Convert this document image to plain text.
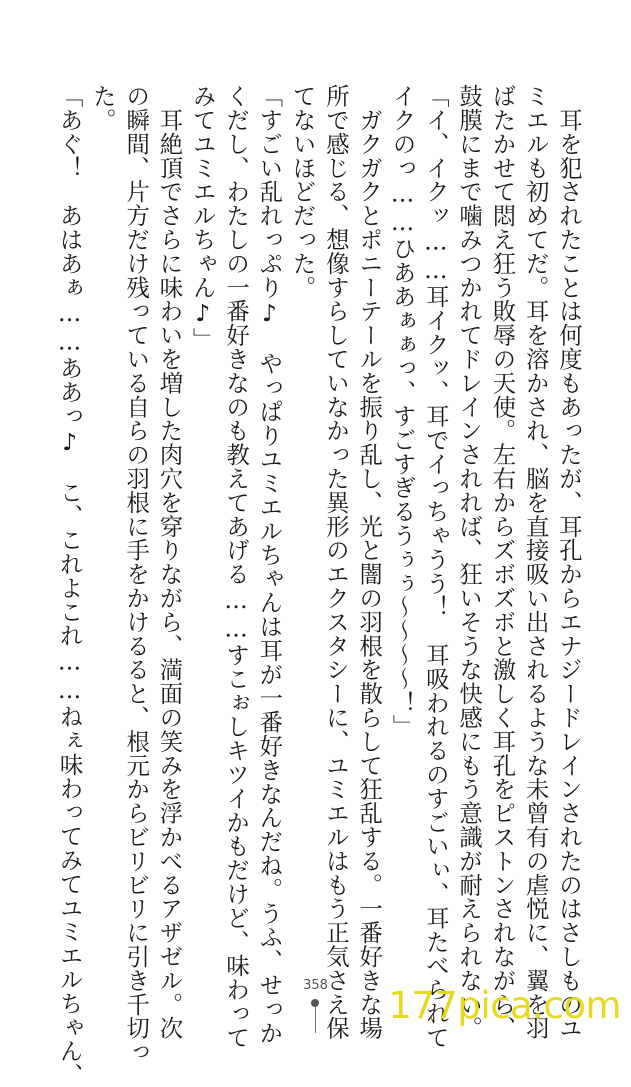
　耳を犯されたことは何度もあったが、耳孔からエナジードレインされたのはさしものユ
ミエルも初めてだ。耳を溶かされ、脳を直接吸い出されるような未曾有の虐悦に、翼を羽
ばたかせて悶え狂う敗辱の天使。左右からズボズボと激しく耳孔をピストンされながら、
鼓膜にまで噛みつかれてドレインされれば、狂いそうな快感にもう意識が耐えられない。
「イ、イクッ……耳イクッ、耳でイっちゃうう！　耳吸われるのすごいぃ、耳たべられて
イクのっ……ひああぁぁっ、すごすぎるうぅぅ〜〜〜〜！」
　ガクガクとポニーテールを振り乱し、光と闇の羽根を散らして狂乱する。一番好きな場
所で感じる、想像すらしていなかった異形のエクスタシーに、ユミエルはもう正気さえ保
てないほどだった。
「すごい乱れっぷり♪　やっぱりユミエルちゃんは耳が一番好きなんだね。うふ、せっか
くだし、わたしの一番好きなのも教えてあげる……すこぉしキツイかもだけど、味わって
みてユミエルちゃん♪」
　耳絶頂でさらに味わいを増した肉穴を穿りながら、満面の笑みを浮かべるアザゼル。次
の瞬間、片方だけ残っている自らの羽根に手をかけるると、根元からビリビリに引き千切っ
た。
「あぐ！　あはあぁ……ああっ♪　こ、これよこれ……ねぇ味わってみてユミエルちゃん、	358	177pica.com
